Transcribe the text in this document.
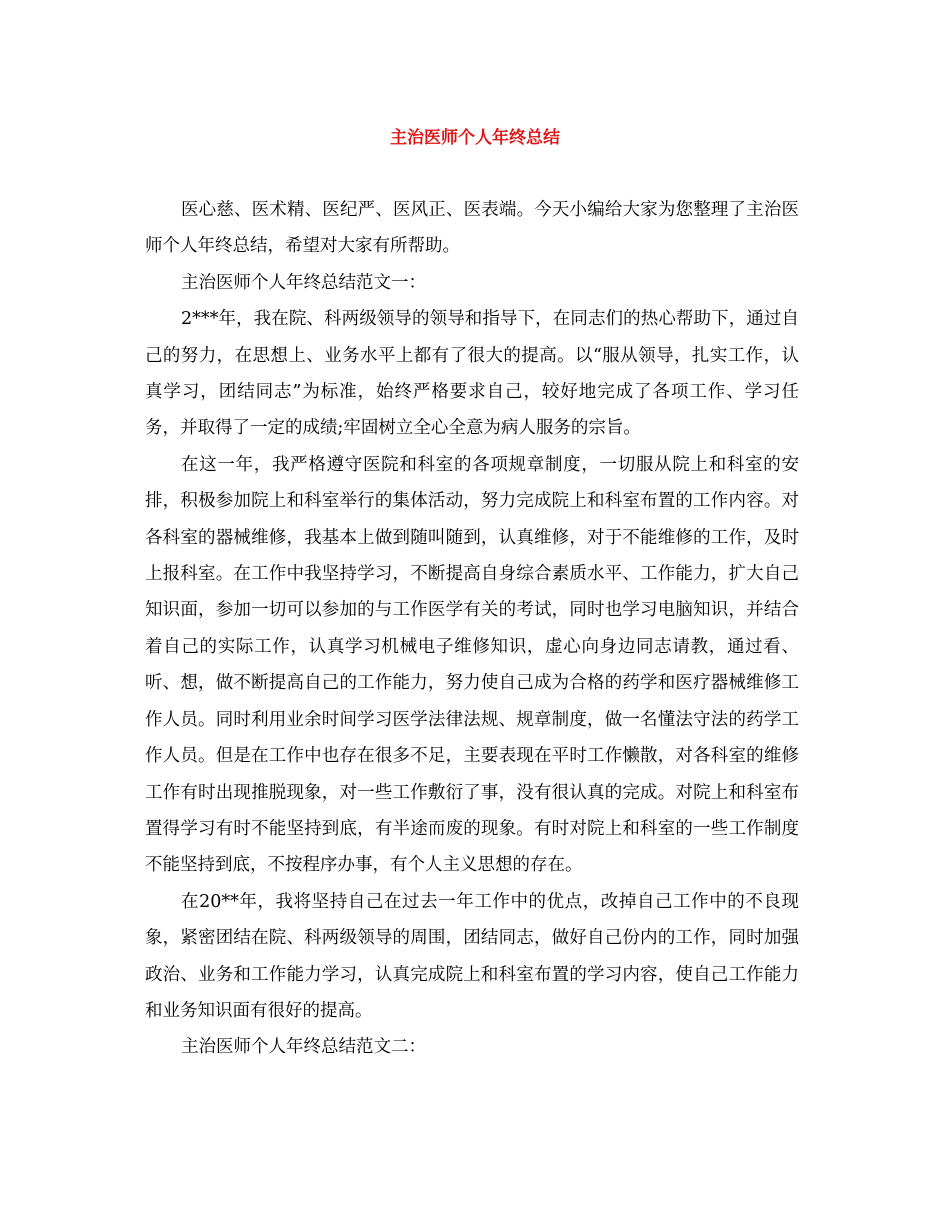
主治医师个人年终总结

医心慈、医术精、医纪严、医风正、医表端。今天小编给大家为您整理了主治医师个人年终总结，希望对大家有所帮助。

主治医师个人年终总结范文一：

2***年，我在院、科两级领导的领导和指导下，在同志们的热心帮助下，通过自己的努力，在思想上、业务水平上都有了很大的提高。以“服从领导，扎实工作，认真学习，团结同志”为标准，始终严格要求自己，较好地完成了各项工作、学习任务，并取得了一定的成绩;牢固树立全心全意为病人服务的宗旨。

在这一年，我严格遵守医院和科室的各项规章制度，一切服从院上和科室的安排，积极参加院上和科室举行的集体活动，努力完成院上和科室布置的工作内容。对各科室的器械维修，我基本上做到随叫随到，认真维修，对于不能维修的工作，及时上报科室。在工作中我坚持学习，不断提高自身综合素质水平、工作能力，扩大自己知识面，参加一切可以参加的与工作医学有关的考试，同时也学习电脑知识，并结合着自己的实际工作，认真学习机械电子维修知识，虚心向身边同志请教，通过看、听、想，做不断提高自己的工作能力，努力使自己成为合格的药学和医疗器械维修工作人员。同时利用业余时间学习医学法律法规、规章制度，做一名懂法守法的药学工作人员。但是在工作中也存在很多不足，主要表现在平时工作懒散，对各科室的维修工作有时出现推脱现象，对一些工作敷衍了事，没有很认真的完成。对院上和科室布置得学习有时不能坚持到底，有半途而废的现象。有时对院上和科室的一些工作制度不能坚持到底，不按程序办事，有个人主义思想的存在。

在20**年，我将坚持自己在过去一年工作中的优点，改掉自己工作中的不良现象，紧密团结在院、科两级领导的周围，团结同志，做好自己份内的工作，同时加强政治、业务和工作能力学习，认真完成院上和科室布置的学习内容，使自己工作能力和业务知识面有很好的提高。

主治医师个人年终总结范文二：
